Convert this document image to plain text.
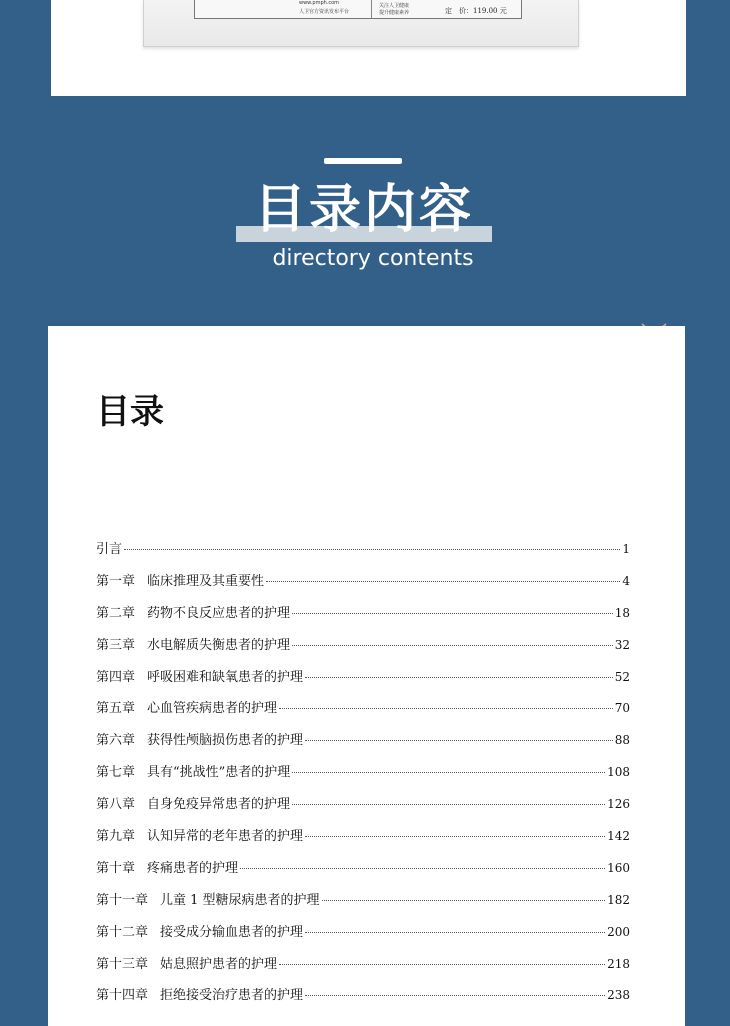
www.pmph.com
人卫官方资讯发布平台
关注人卫健康
提升健康素养	定　价：119.00 元
目录内容
directory contents
目录
引言	1
第一章 临床推理及其重要性	4
第二章 药物不良反应患者的护理	18
第三章 水电解质失衡患者的护理	32
第四章 呼吸困难和缺氧患者的护理	52
第五章 心血管疾病患者的护理	70
第六章 获得性颅脑损伤患者的护理	88
第七章 具有“挑战性”患者的护理	108
第八章 自身免疫异常患者的护理	126
第九章 认知异常的老年患者的护理	142
第十章 疼痛患者的护理	160
第十一章 儿童 1 型糖尿病患者的护理	182
第十二章 接受成分输血患者的护理	200
第十三章 姑息照护患者的护理	218
第十四章 拒绝接受治疗患者的护理	238
